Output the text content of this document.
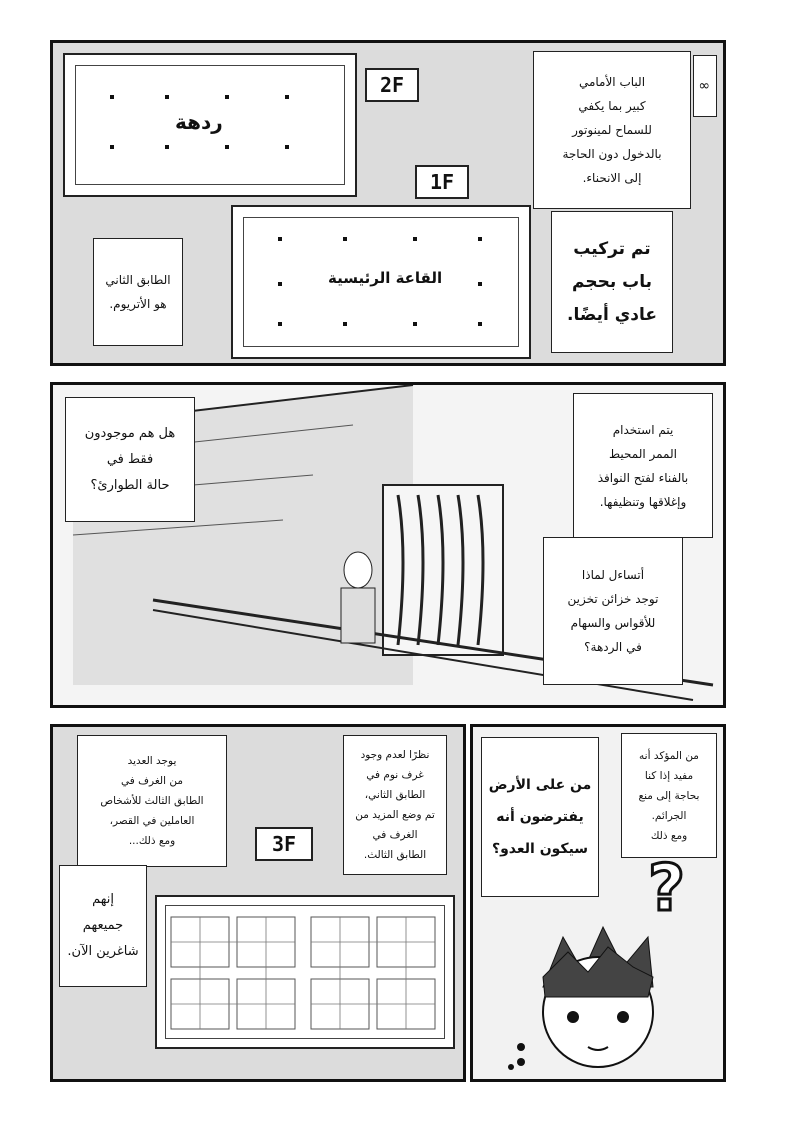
ردهة
2F
1F
القاعة الرئيسية
الباب الأمامي
كبير بما يكفي
للسماح لمينوتور
بالدخول دون الحاجة
إلى الانحناء.
∞
الطابق الثاني
هو الأتريوم.
تم تركيب
باب بحجم
عادي أيضًا.
هل هم موجودون
فقط في
حالة الطوارئ؟
يتم استخدام
الممر المحيط
بالفناء لفتح النوافذ
وإغلاقها وتنظيفها.
أتساءل لماذا
توجد خزائن تخزين
للأقواس والسهام
في الردهة؟
يوجد العديد
من الغرف في
الطابق الثالث للأشخاص
العاملين في القصر،
ومع ذلك...
نظرًا لعدم وجود
غرف نوم في
الطابق الثاني،
تم وضع المزيد من
الغرف في
الطابق الثالث.
3F
إنهم
جميعهم
شاغرين الآن.
من على الأرض
يفترضون أنه
سيكون العدو؟
من المؤكد أنه
مفيد إذا كنا
بحاجة إلى منع
الجرائم.
ومع ذلك
?
